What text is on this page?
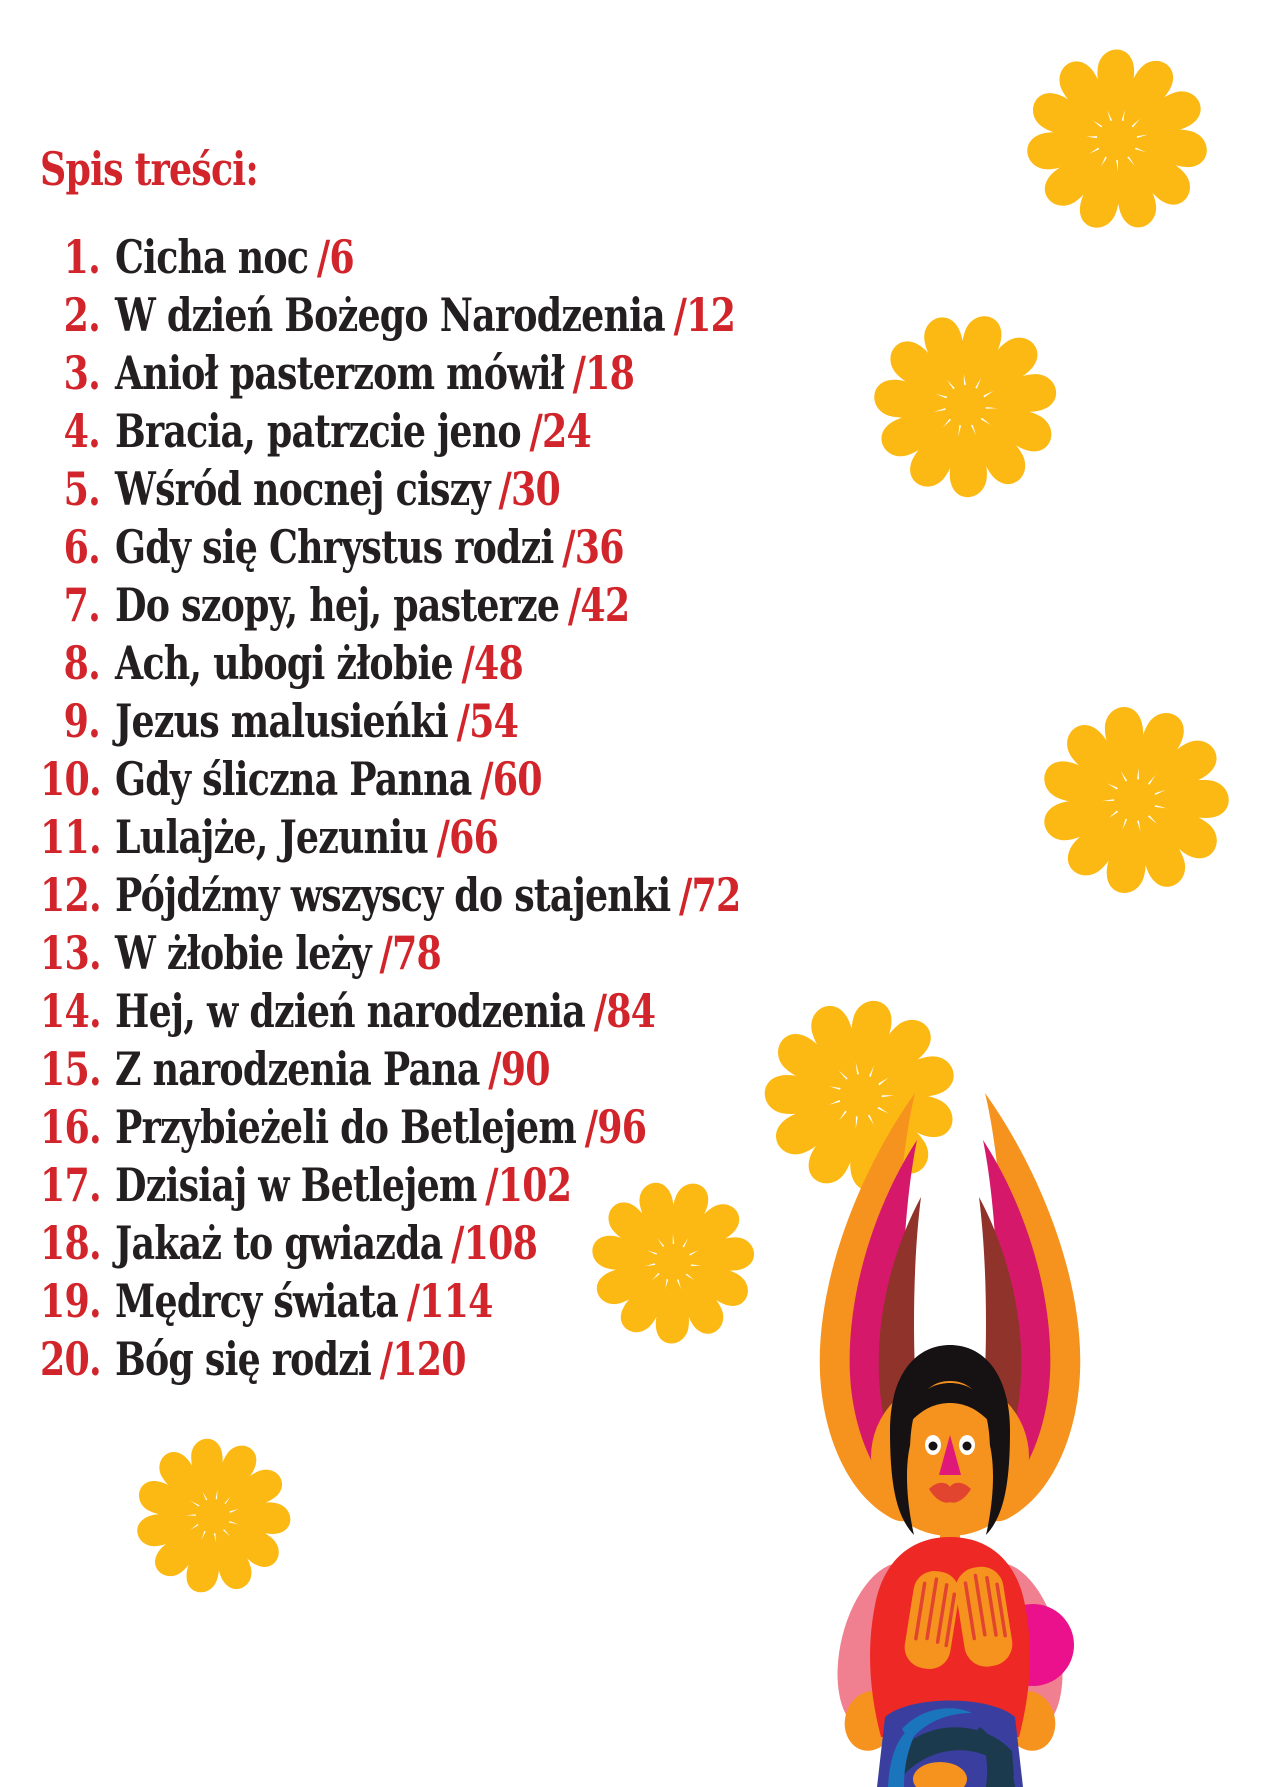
Spis treści:
1. Cicha noc /6
2. W dzień Bożego Narodzenia /12
3. Anioł pasterzom mówił /18
4. Bracia, patrzcie jeno /24
5. Wśród nocnej ciszy /30
6. Gdy się Chrystus rodzi /36
7. Do szopy, hej, pasterze /42
8. Ach, ubogi żłobie /48
9. Jezus malusieńki /54
10. Gdy śliczna Panna /60
11. Lulajże, Jezuniu /66
12. Pójdźmy wszyscy do stajenki /72
13. W żłobie leży /78
14. Hej, w dzień narodzenia /84
15. Z narodzenia Pana /90
16. Przybieżeli do Betlejem /96
17. Dzisiaj w Betlejem /102
18. Jakaż to gwiazda /108
19. Mędrcy świata /114
20. Bóg się rodzi /120
